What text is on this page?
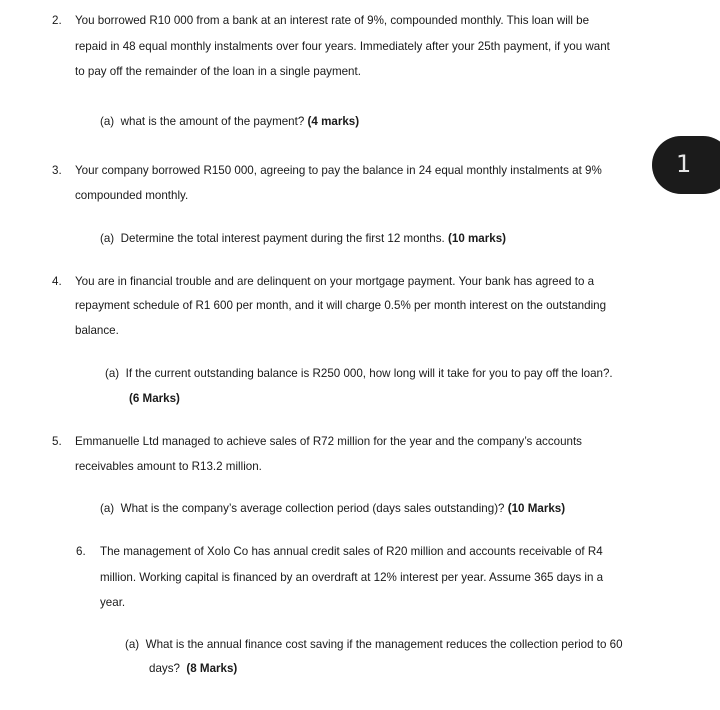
2. You borrowed R10 000 from a bank at an interest rate of 9%, compounded monthly. This loan will be
repaid in 48 equal monthly instalments over four years. Immediately after your 25th payment, if you want
to pay off the remainder of the loan in a single payment.
(a) what is the amount of the payment? (4 marks)
3. Your company borrowed R150 000, agreeing to pay the balance in 24 equal monthly instalments at 9%
compounded monthly.
(a) Determine the total interest payment during the first 12 months. (10 marks)
4. You are in financial trouble and are delinquent on your mortgage payment. Your bank has agreed to a
repayment schedule of R1 600 per month, and it will charge 0.5% per month interest on the outstanding
balance.
(a) If the current outstanding balance is R250 000, how long will it take for you to pay off the loan?.
(6 Marks)
5. Emmanuelle Ltd managed to achieve sales of R72 million for the year and the company’s accounts
receivables amount to R13.2 million.
(a) What is the company’s average collection period (days sales outstanding)? (10 Marks)
6. The management of Xolo Co has annual credit sales of R20 million and accounts receivable of R4
million. Working capital is financed by an overdraft at 12% interest per year. Assume 365 days in a
year.
(a) What is the annual finance cost saving if the management reduces the collection period to 60
days? (8 Marks)
1
